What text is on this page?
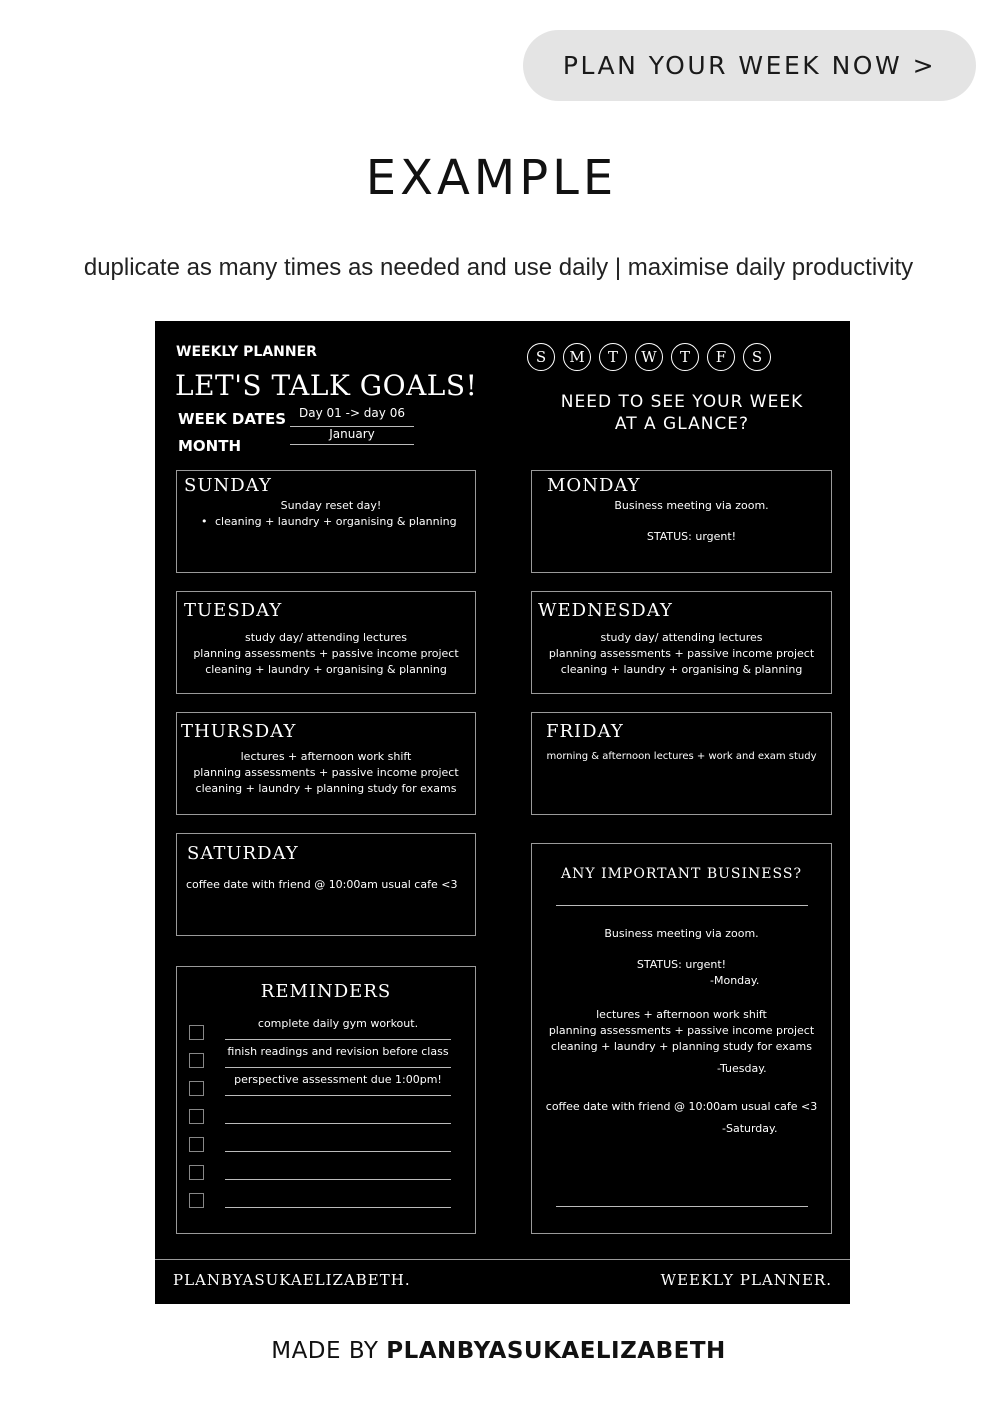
PLAN YOUR WEEK NOW >
EXAMPLE
duplicate as many times as needed and use daily | maximise daily productivity
WEEKLY PLANNER
LET'S TALK GOALS!
WEEK DATES	Day 01 -> day 06
MONTH
January
S	M	T	W	T	F	S
NEED TO SEE YOUR WEEK
AT A GLANCE?
SUNDAY
Sunday reset day!
• cleaning + laundry + organising & planning
MONDAY
Business meeting via zoom.
STATUS: urgent!
TUESDAY
study day/ attending lectures
planning assessments + passive income project
cleaning + laundry + organising & planning
WEDNESDAY
study day/ attending lectures
planning assessments + passive income project
cleaning + laundry + organising & planning
THURSDAY
lectures + afternoon work shift
planning assessments + passive income project
cleaning + laundry + planning study for exams
FRIDAY
morning & afternoon lectures + work and exam study
SATURDAY
coffee date with friend @ 10:00am usual cafe <3
REMINDERS
complete daily gym workout.
finish readings and revision before class
perspective assessment due 1:00pm!
ANY IMPORTANT BUSINESS?
Business meeting via zoom.
STATUS: urgent!
-Monday.
lectures + afternoon work shift
planning assessments + passive income project
cleaning + laundry + planning study for exams
-Tuesday.
coffee date with friend @ 10:00am usual cafe <3
-Saturday.
PLANBYASUKAELIZABETH.	WEEKLY PLANNER.
MADE BY PLANBYASUKAELIZABETH
